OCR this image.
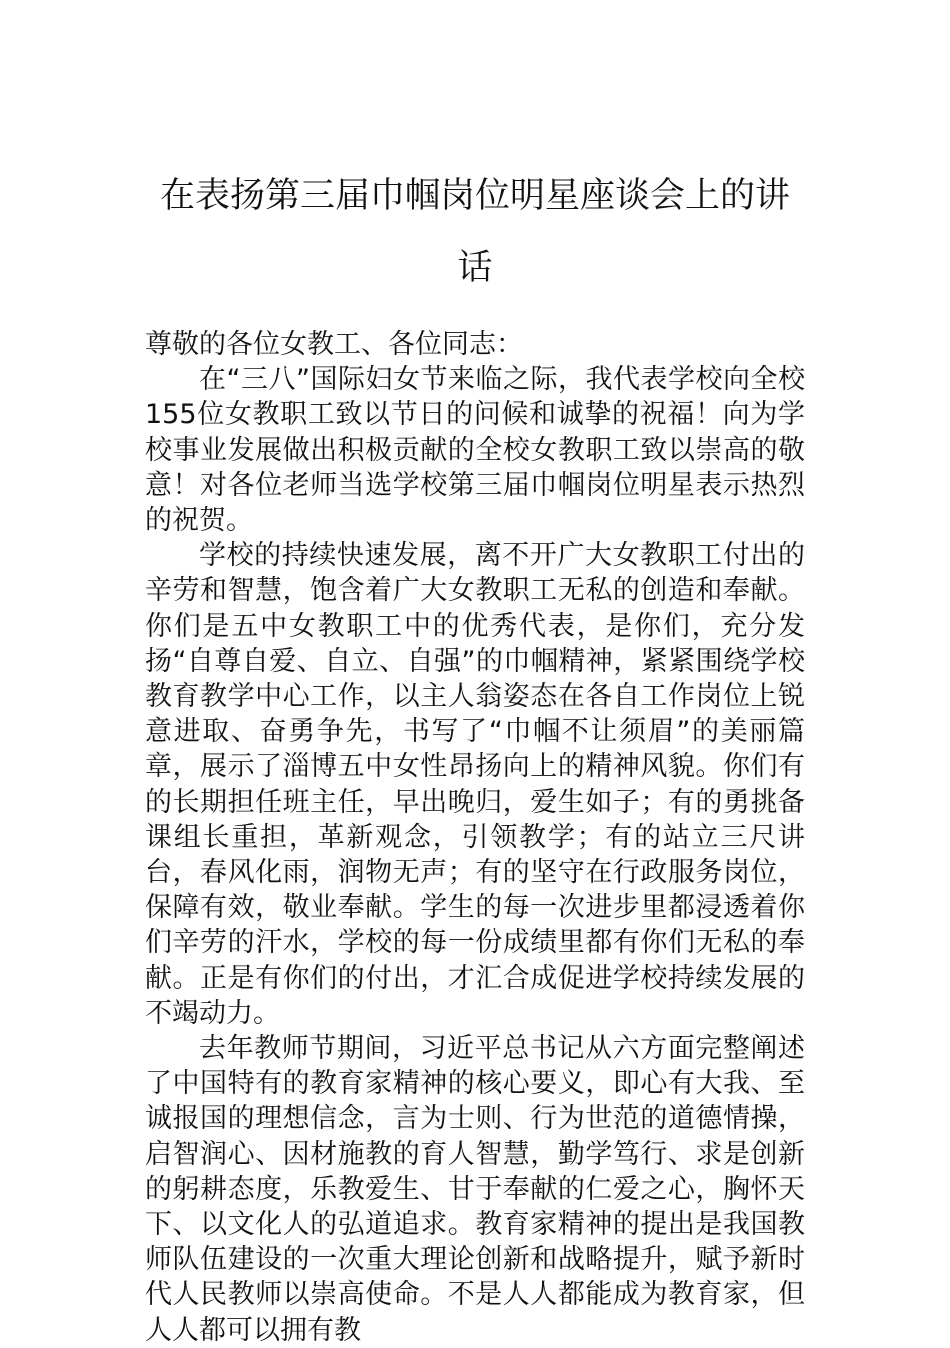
在表扬第三届巾帼岗位明星座谈会上的讲话

尊敬的各位女教工、各位同志：

在“三八”国际妇女节来临之际，我代表学校向全校155位女教职工致以节日的问候和诚挚的祝福！向为学校事业发展做出积极贡献的全校女教职工致以崇高的敬意！对各位老师当选学校第三届巾帼岗位明星表示热烈的祝贺。

学校的持续快速发展，离不开广大女教职工付出的辛劳和智慧，饱含着广大女教职工无私的创造和奉献。你们是五中女教职工中的优秀代表，是你们，充分发扬“自尊自爱、自立、自强”的巾帼精神，紧紧围绕学校教育教学中心工作，以主人翁姿态在各自工作岗位上锐意进取、奋勇争先，书写了“巾帼不让须眉”的美丽篇章，展示了淄博五中女性昂扬向上的精神风貌。你们有的长期担任班主任，早出晚归，爱生如子；有的勇挑备课组长重担，革新观念，引领教学；有的站立三尺讲台，春风化雨，润物无声；有的坚守在行政服务岗位，保障有效，敬业奉献。学生的每一次进步里都浸透着你们辛劳的汗水，学校的每一份成绩里都有你们无私的奉献。正是有你们的付出，才汇合成促进学校持续发展的不竭动力。

去年教师节期间，习近平总书记从六方面完整阐述了中国特有的教育家精神的核心要义，即心有大我、至诚报国的理想信念，言为士则、行为世范的道德情操，启智润心、因材施教的育人智慧，勤学笃行、求是创新的躬耕态度，乐教爱生、甘于奉献的仁爱之心，胸怀天下、以文化人的弘道追求。教育家精神的提出是我国教师队伍建设的一次重大理论创新和战略提升，赋予新时代人民教师以崇高使命。不是人人都能成为教育家，但人人都可以拥有教
